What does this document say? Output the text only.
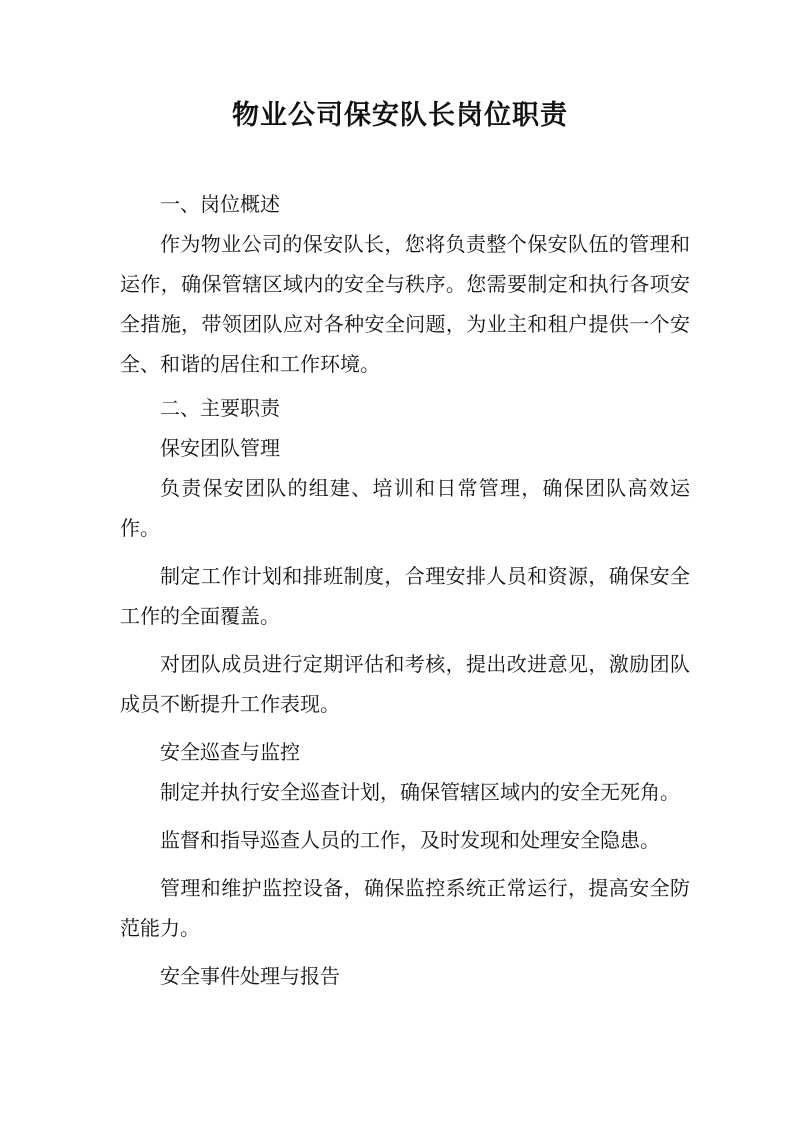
物业公司保安队长岗位职责

一、岗位概述

作为物业公司的保安队长，您将负责整个保安队伍的管理和运作，确保管辖区域内的安全与秩序。您需要制定和执行各项安全措施，带领团队应对各种安全问题，为业主和租户提供一个安全、和谐的居住和工作环境。

二、主要职责

保安团队管理

负责保安团队的组建、培训和日常管理，确保团队高效运作。

制定工作计划和排班制度，合理安排人员和资源，确保安全工作的全面覆盖。

对团队成员进行定期评估和考核，提出改进意见，激励团队成员不断提升工作表现。

安全巡查与监控

制定并执行安全巡查计划，确保管辖区域内的安全无死角。

监督和指导巡查人员的工作，及时发现和处理安全隐患。

管理和维护监控设备，确保监控系统正常运行，提高安全防范能力。

安全事件处理与报告
